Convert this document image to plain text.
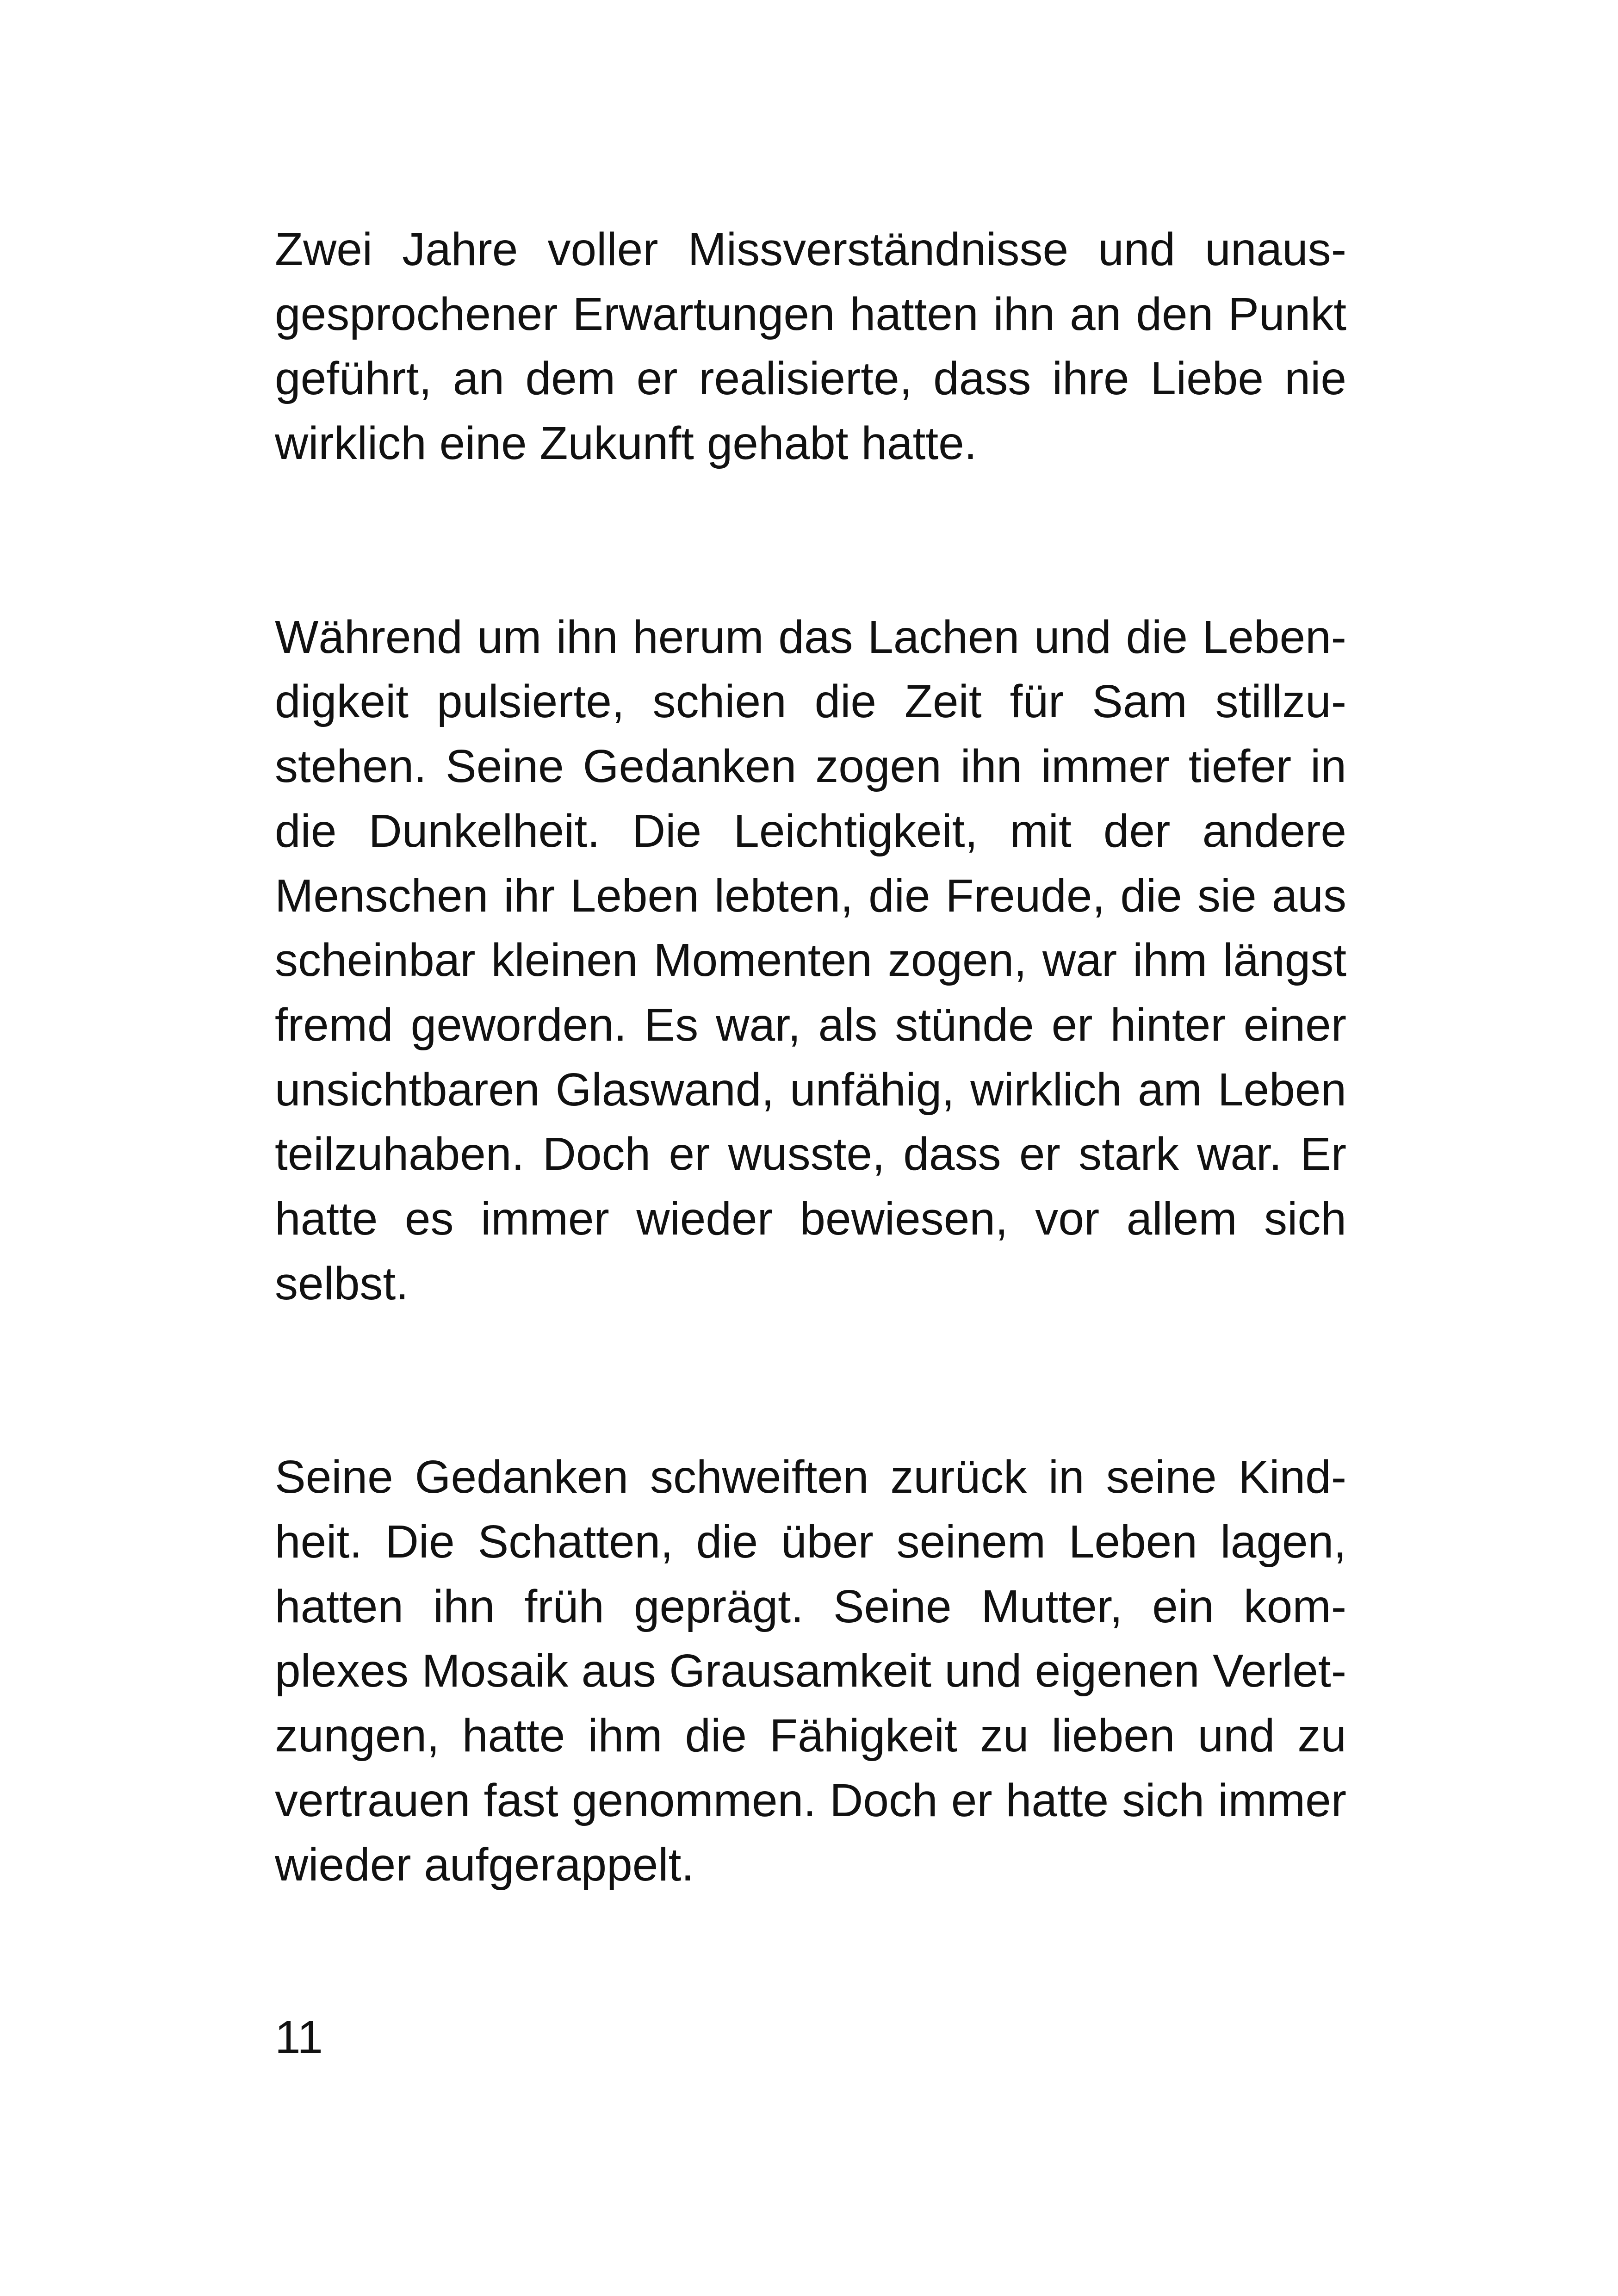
Zwei Jahre voller Missverständnisse und unaus-
gesprochener Erwartungen hatten ihn an den Punkt
geführt, an dem er realisierte, dass ihre Liebe nie
wirklich eine Zukunft gehabt hatte.
Während um ihn herum das Lachen und die Leben-
digkeit pulsierte, schien die Zeit für Sam stillzu-
stehen. Seine Gedanken zogen ihn immer tiefer in
die Dunkelheit. Die Leichtigkeit, mit der andere
Menschen ihr Leben lebten, die Freude, die sie aus
scheinbar kleinen Momenten zogen, war ihm längst
fremd geworden. Es war, als stünde er hinter einer
unsichtbaren Glaswand, unfähig, wirklich am Leben
teilzuhaben. Doch er wusste, dass er stark war. Er
hatte es immer wieder bewiesen, vor allem sich
selbst.
Seine Gedanken schweiften zurück in seine Kind-
heit. Die Schatten, die über seinem Leben lagen,
hatten ihn früh geprägt. Seine Mutter, ein kom-
plexes Mosaik aus Grausamkeit und eigenen Verlet-
zungen, hatte ihm die Fähigkeit zu lieben und zu
vertrauen fast genommen. Doch er hatte sich immer
wieder aufgerappelt.
11
